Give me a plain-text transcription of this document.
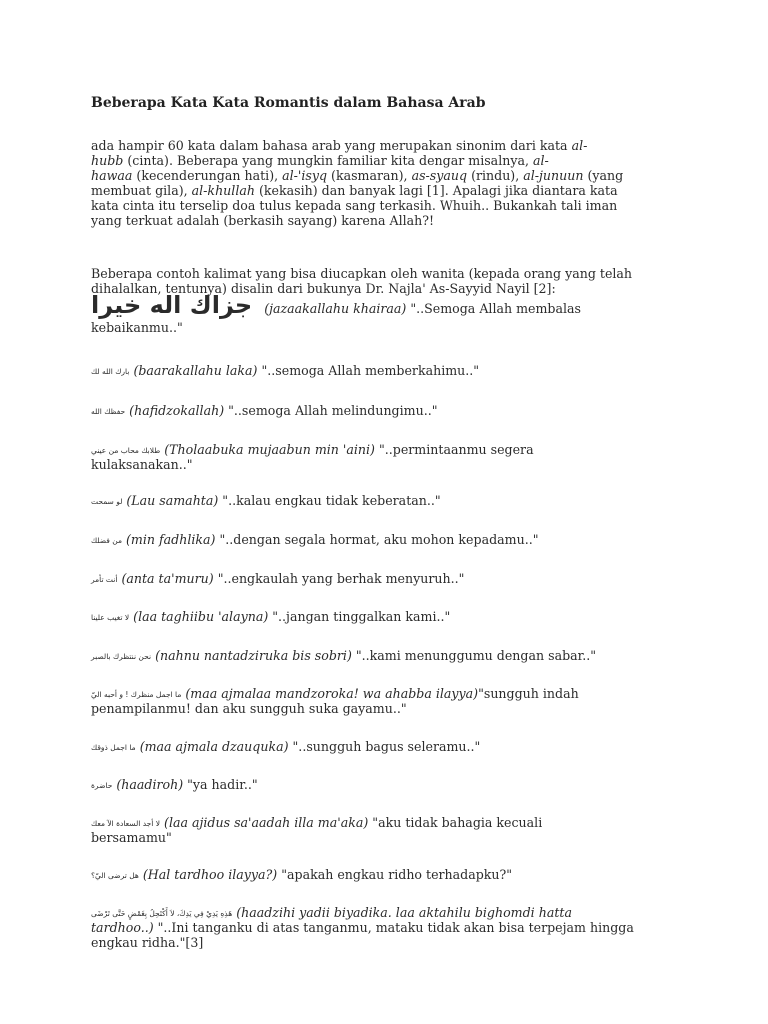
Beberapa Kata Kata Romantis dalam Bahasa Arab
ada hampir 60 kata dalam bahasa arab yang merupakan sinonim dari kata al-
hubb (cinta). Beberapa yang mungkin familiar kita dengar misalnya, al-
hawaa (kecenderungan hati), al-'isyq (kasmaran), as-syauq (rindu), al-junuun (yang
membuat gila), al-khullah (kekasih) dan banyak lagi [1]. Apalagi jika diantara kata
kata cinta itu terselip doa tulus kepada sang terkasih. Whuih.. Bukankah tali iman
yang terkuat adalah (berkasih sayang) karena Allah?!
Beberapa contoh kalimat yang bisa diucapkan oleh wanita (kepada orang yang telah
dihalalkan, tentunya) disalin dari bukunya Dr. Najla' As-Sayyid Nayil [2]:
جزاك اله خيرا (jazaakallahu khairaa) "..Semoga Allah membalas
kebaikanmu.."
بارك الله لك (baarakallahu laka) "..semoga Allah memberkahimu.."
حفظك الله (hafidzokallah) "..semoga Allah melindungimu.."
طلابك محاب من عيني (Tholaabuka mujaabun min 'aini) "..permintaanmu segera
kulaksanakan.."
لو سمحت (Lau samahta) "..kalau engkau tidak keberatan.."
من فضلك (min fadhlika) "..dengan segala hormat, aku mohon kepadamu.."
أنت تأمر (anta ta'muru) "..engkaulah yang berhak menyuruh.."
لا تغيب علينا (laa taghiibu 'alayna) "..jangan tinggalkan kami.."
نحن ننتظرك بالصبر (nahnu nantadziruka bis sobri) "..kami menunggumu dengan sabar.."
ما اجمل منظرك ! و أحبه اليّ (maa ajmalaa mandzoroka! wa ahabba ilayya)"sungguh indah
penampilanmu! dan aku sungguh suka gayamu.."
ما اجمل ذوقك (maa ajmala dzauquka) "..sungguh bagus seleramu.."
حاضرة (haadiroh) "ya hadir.."
لا أجد السعادة الآ معك (laa ajidus sa'aadah illa ma'aka) "aku tidak bahagia kecuali
bersamamu"
هل ترضى اليّ؟ (Hal tardhoo ilayya?) "apakah engkau ridho terhadapku?"
هَذِهِ يَدِيْ فِي يَدِكَ، لاَ أَكْتَحِلُ بِغَمْضٍ حَتَّى تَرْضَى (haadzihi yadii biyadika. laa aktahilu bighomdi hatta
tardhoo..) "..Ini tanganku di atas tanganmu, mataku tidak akan bisa terpejam hingga
engkau ridha."[3]
